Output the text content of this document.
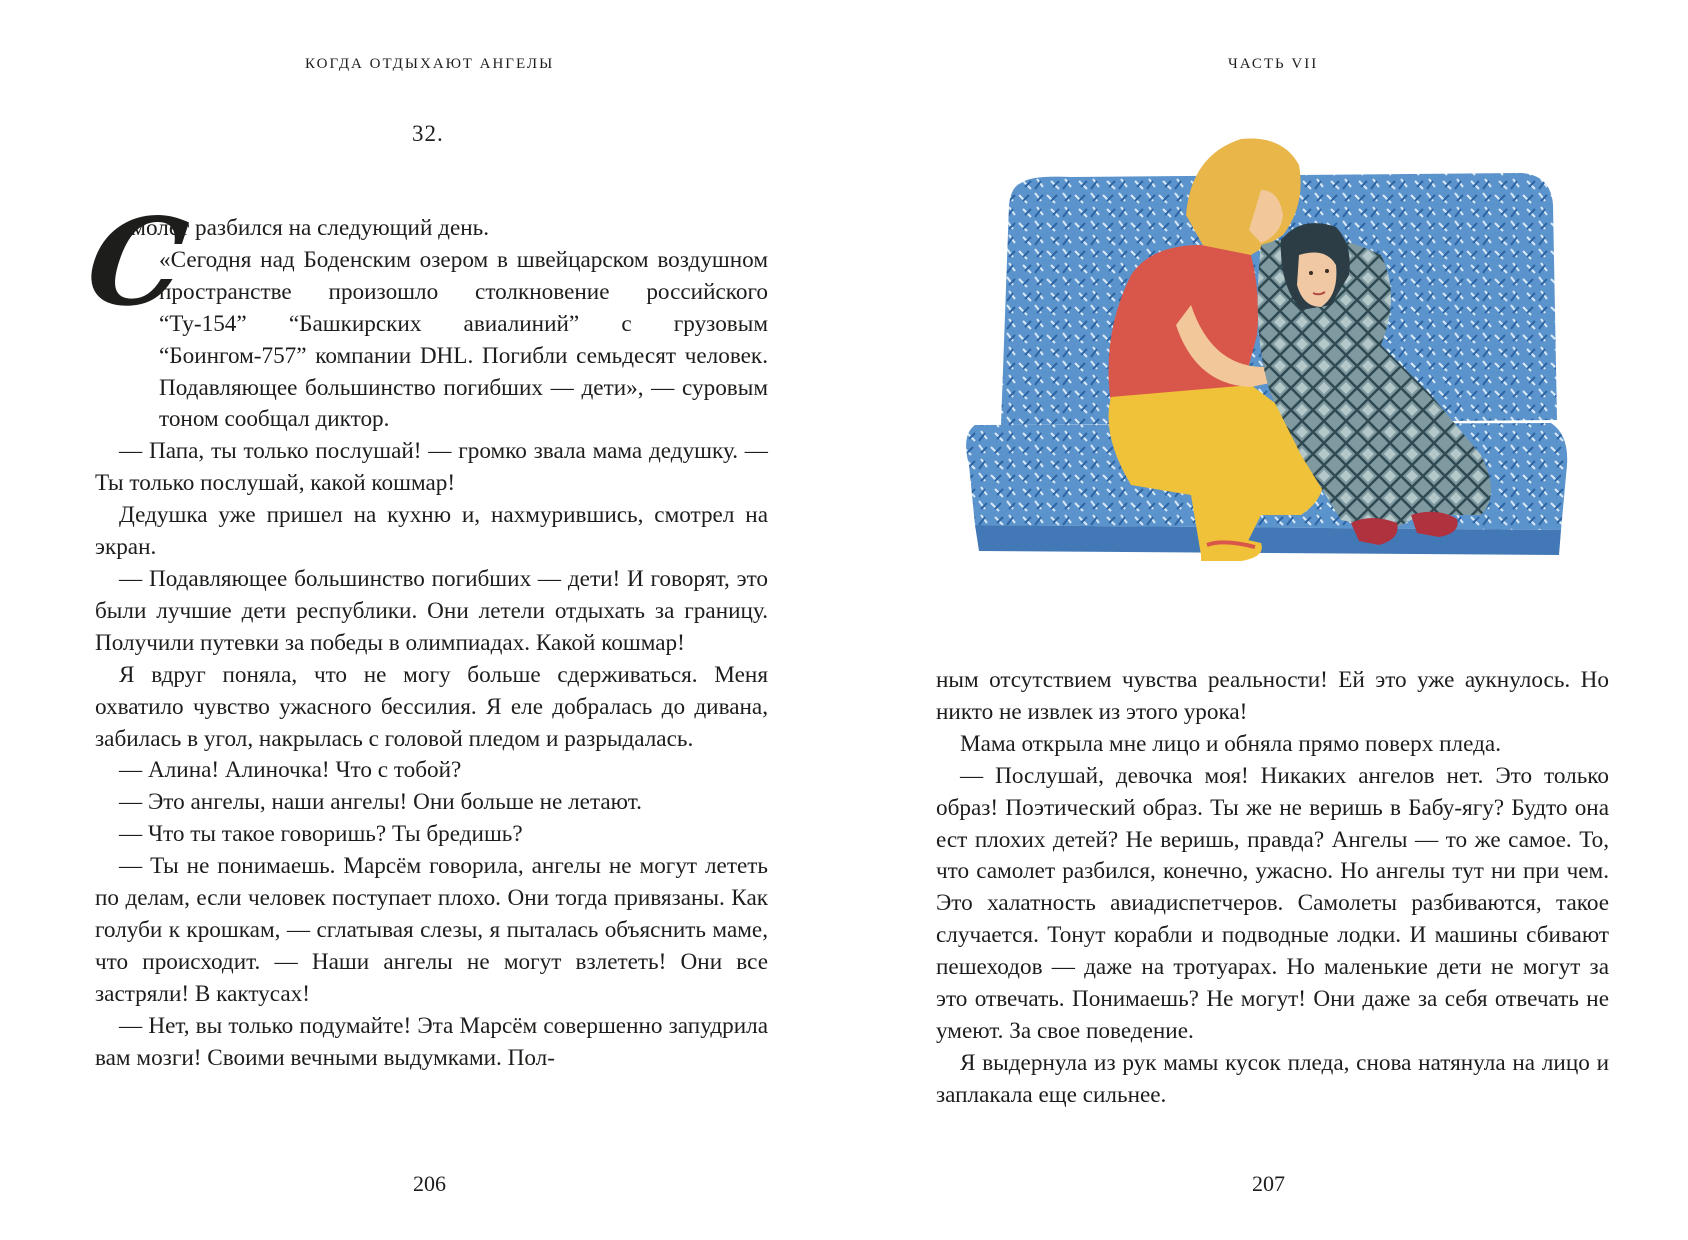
КОГДА ОТДЫХАЮТ АНГЕЛЫ
32.
С

амолет разбился на следующий день.

«Сегодня над Боденским озером в швейцарском воздушном пространстве произошло столкновение российского “Ту-154” “Башкирских авиалиний” с грузовым “Боингом-757” компании DHL. Погибли семьдесят человек. Подавляющее большинство погибших — дети», — суровым тоном сообщал диктор.

— Папа, ты только послушай! — громко звала мама дедушку. — Ты только послушай, какой кошмар!

Дедушка уже пришел на кухню и, нахмурившись, смотрел на экран.

— Подавляющее большинство погибших — дети! И говорят, это были лучшие дети республики. Они летели отдыхать за границу. Получили путевки за победы в олимпиадах. Какой кошмар!

Я вдруг поняла, что не могу больше сдерживаться. Меня охватило чувство ужасного бессилия. Я еле добралась до дивана, забилась в угол, накрылась с головой пледом и разрыдалась.

— Алина! Алиночка! Что с тобой?

— Это ангелы, наши ангелы! Они больше не летают.

— Что ты такое говоришь? Ты бредишь?

— Ты не понимаешь. Марсём говорила, ангелы не могут лететь по делам, если человек поступает плохо. Они тогда привязаны. Как голуби к крошкам, — сглатывая слезы, я пыталась объяснить маме, что происходит. — Наши ангелы не могут взлететь! Они все застряли! В кактусах!

— Нет, вы только подумайте! Эта Марсём совершенно запудрила вам мозги! Своими вечными выдумками. Пол-

206
ЧАСТЬ VII

ным отсутствием чувства реальности! Ей это уже аукнулось. Но никто не извлек из этого урока!

Мама открыла мне лицо и обняла прямо поверх пледа.

— Послушай, девочка моя! Никаких ангелов нет. Это только образ! Поэтический образ. Ты же не веришь в Бабу-ягу? Будто она ест плохих детей? Не веришь, правда? Ангелы — то же самое. То, что самолет разбился, конечно, ужасно. Но ангелы тут ни при чем. Это халатность авиадиспетчеров. Самолеты разбиваются, такое случается. Тонут корабли и подводные лодки. И машины сбивают пешеходов — даже на тротуарах. Но маленькие дети не могут за это отвечать. Понимаешь? Не могут! Они даже за себя отвечать не умеют. За свое поведение.

Я выдернула из рук мамы кусок пледа, снова натянула на лицо и заплакала еще сильнее.

207
